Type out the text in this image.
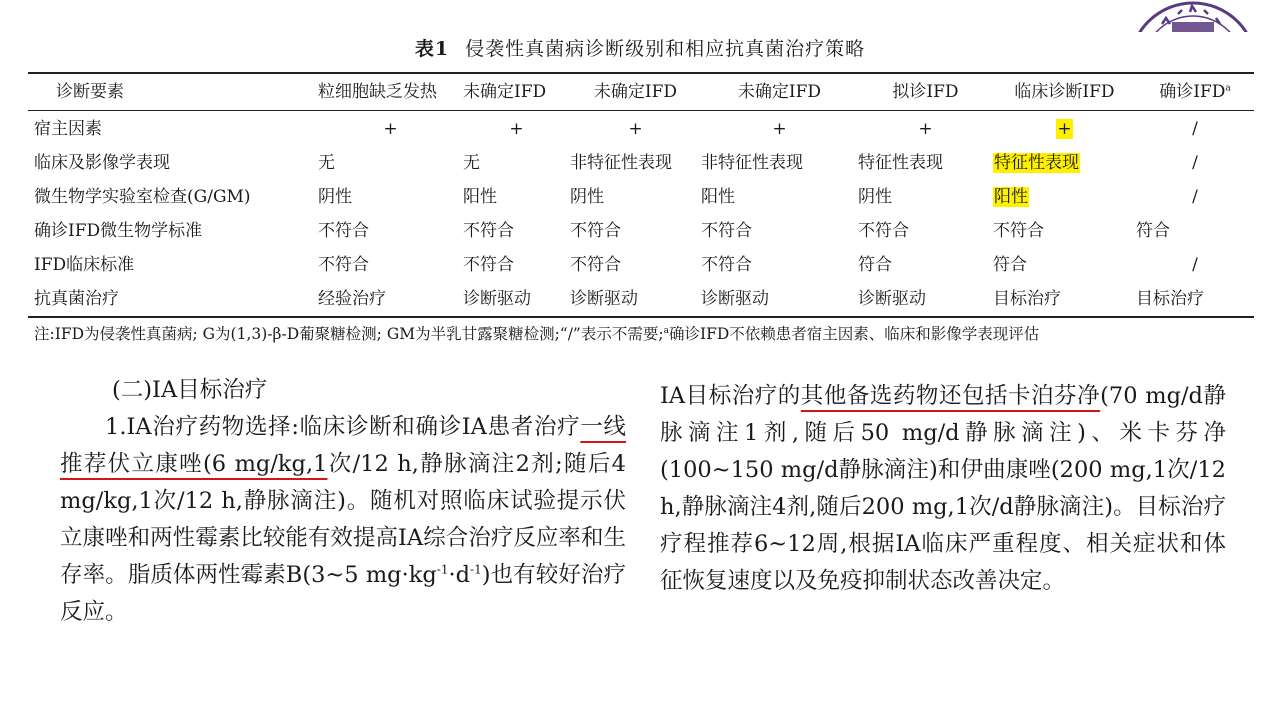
表1 侵袭性真菌病诊断级别和相应抗真菌治疗策略
诊断要素	粒细胞缺乏发热	未确定IFD	未确定IFD	未确定IFD	拟诊IFD	临床诊断IFD	确诊IFD$^a$
宿主因素	+	+	+	+	+	+	/
临床及影像学表现	无	无	非特征性表现	非特征性表现	特征性表现	特征性表现	/
微生物学实验室检查(G/GM)	阴性	阳性	阴性	阳性	阴性	阳性	/
确诊IFD微生物学标准	不符合	不符合	不符合	不符合	不符合	不符合	符合
IFD临床标准	不符合	不符合	不符合	不符合	符合	符合	/
抗真菌治疗	经验治疗	诊断驱动	诊断驱动	诊断驱动	诊断驱动	目标治疗	目标治疗
注:IFD为侵袭性真菌病; G为(1,3)-β-D葡聚糖检测; GM为半乳甘露聚糖检测;“/”表示不需要;$^a$确诊IFD不依赖患者宿主因素、临床和影像学表现评估

(二)IA目标治疗

1.IA治疗药物选择:临床诊断和确诊IA患者治疗一线推荐伏立康唑(6 mg/kg,1次/12 h,静脉滴注2剂;随后4 mg/kg,1次/12 h,静脉滴注)。随机对照临床试验提示伏立康唑和两性霉素比较能有效提高IA综合治疗反应率和生存率。脂质体两性霉素B(3~5 $mg\cdot kg^{-1}\cdot d^{-1}$)也有较好治疗反应。

IA目标治疗的其他备选药物还包括卡泊芬净(70 mg/d静脉滴注1剂,随后50 mg/d静脉滴注)、米卡芬净(100~150 mg/d静脉滴注)和伊曲康唑(200 mg,1次/12 h,静脉滴注4剂,随后200 mg,1次/d静脉滴注)。目标治疗疗程推荐6~12周,根据IA临床严重程度、相关症状和体征恢复速度以及免疫抑制状态改善决定。
